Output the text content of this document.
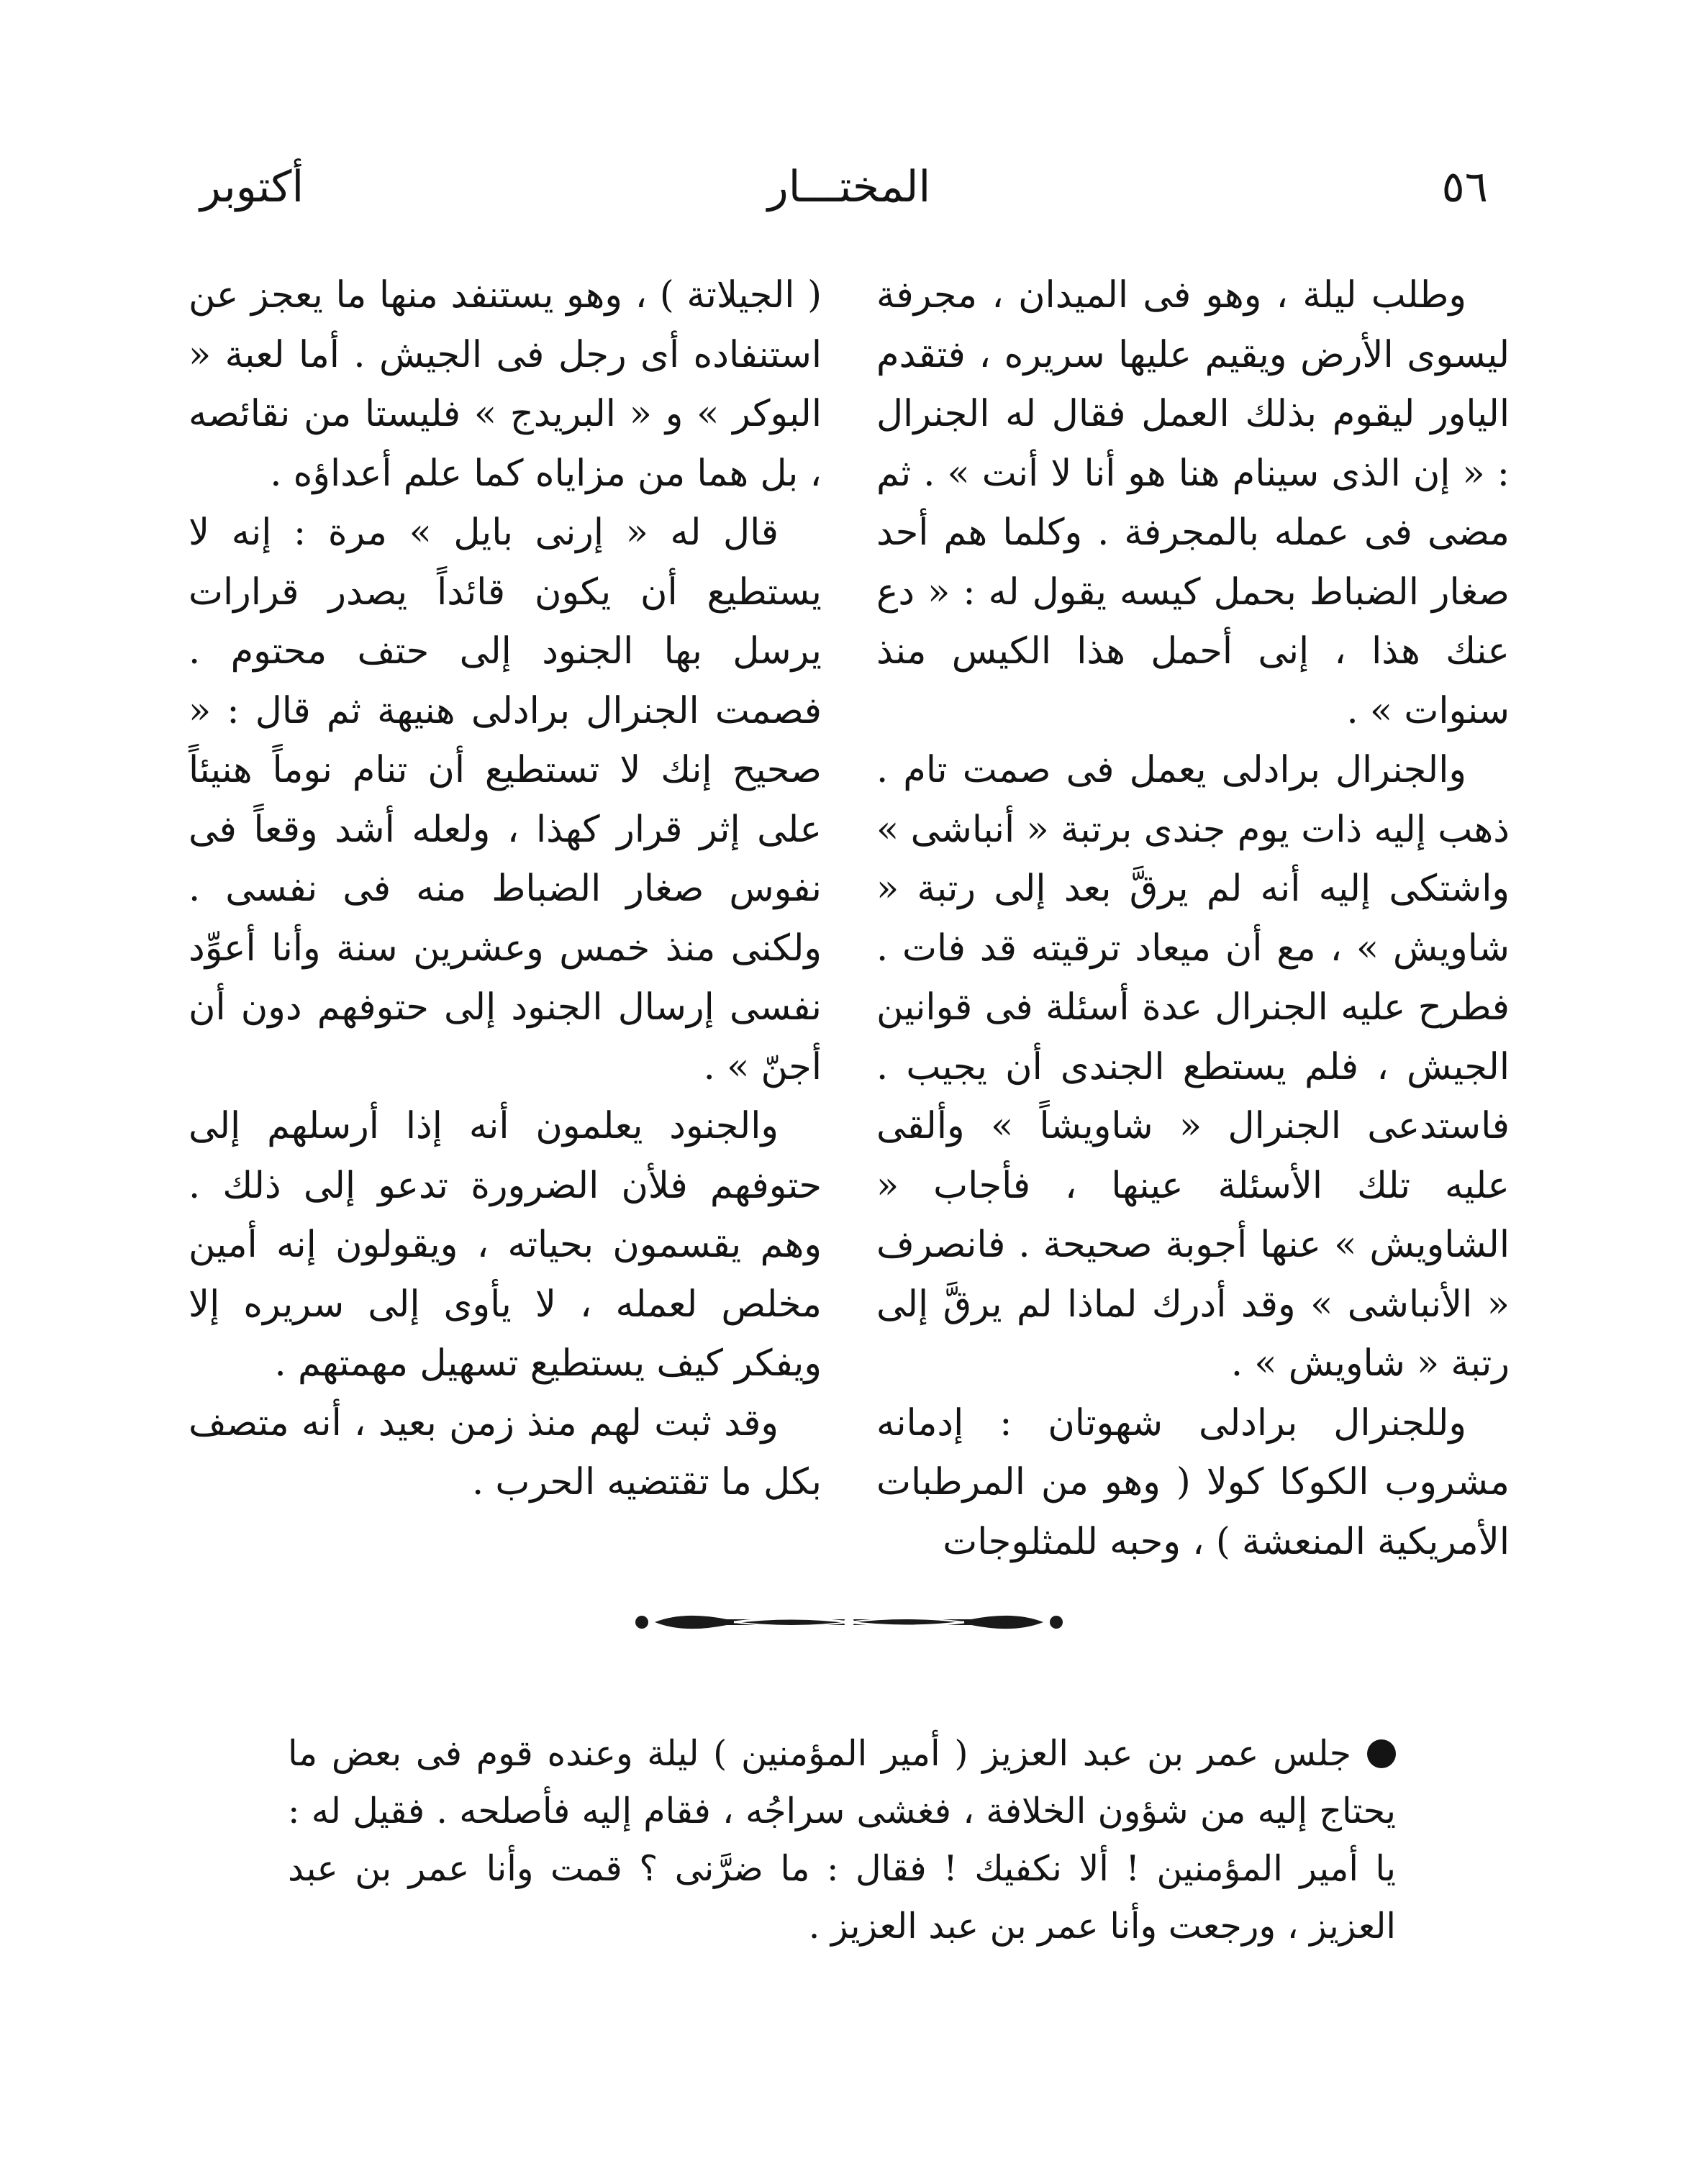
٥٦
المختـــار
أكتوبر

وطلب ليلة ، وهو فى الميدان ، مجرفة ليسوى الأرض ويقيم عليها سريره ، فتقدم الياور ليقوم بذلك العمل فقال له الجنرال : « إن الذى سينام هنا هو أنا لا أنت » . ثم مضى فى عمله بالمجرفة . وكلما هم أحد صغار الضباط بحمل كيسه يقول له : « دع عنك هذا ، إنى أحمل هذا الكيس منذ سنوات » .

والجنرال برادلى يعمل فى صمت تام . ذهب إليه ذات يوم جندى برتبة « أنباشى » واشتكى إليه أنه لم يرقَّ بعد إلى رتبة « شاويش » ، مع أن ميعاد ترقيته قد فات . فطرح عليه الجنرال عدة أسئلة فى قوانين الجيش ، فلم يستطع الجندى أن يجيب . فاستدعى الجنرال « شاويشاً » وألقى عليه تلك الأسئلة عينها ، فأجاب « الشاويش » عنها أجوبة صحيحة . فانصرف « الأنباشى » وقد أدرك لماذا لم يرقَّ إلى رتبة « شاويش » .

وللجنرال برادلى شهوتان : إدمانه مشروب الكوكا كولا ( وهو من المرطبات الأمريكية المنعشة ) ، وحبه للمثلوجات

( الجيلاتة ) ، وهو يستنفد منها ما يعجز عن استنفاده أى رجل فى الجيش . أما لعبة « البوكر » و « البريدج » فليستا من نقائصه ، بل هما من مزاياه كما علم أعداؤه .

قال له « إرنى بايل » مرة : إنه لا يستطيع أن يكون قائداً يصدر قرارات يرسل بها الجنود إلى حتف محتوم . فصمت الجنرال برادلى هنيهة ثم قال : « صحيح إنك لا تستطيع أن تنام نوماً هنيئاً على إثر قرار كهذا ، ولعله أشد وقعاً فى نفوس صغار الضباط منه فى نفسى . ولكنى منذ خمس وعشرين سنة وأنا أعوِّد نفسى إرسال الجنود إلى حتوفهم دون أن أجنّ » .

والجنود يعلمون أنه إذا أرسلهم إلى حتوفهم فلأن الضرورة تدعو إلى ذلك . وهم يقسمون بحياته ، ويقولون إنه أمين مخلص لعمله ، لا يأوى إلى سريره إلا ويفكر كيف يستطيع تسهيل مهمتهم .

وقد ثبت لهم منذ زمن بعيد ، أنه متصف بكل ما تقتضيه الحرب .

جلس عمر بن عبد العزيز ( أمير المؤمنين ) ليلة وعنده قوم فى بعض ما يحتاج إليه من شؤون الخلافة ، فغشى سراجُه ، فقام إليه فأصلحه . فقيل له : يا أمير المؤمنين ! ألا نكفيك ! فقال : ما ضرَّنى ؟ قمت وأنا عمر بن عبد العزيز ، ورجعت وأنا عمر بن عبد العزيز .
